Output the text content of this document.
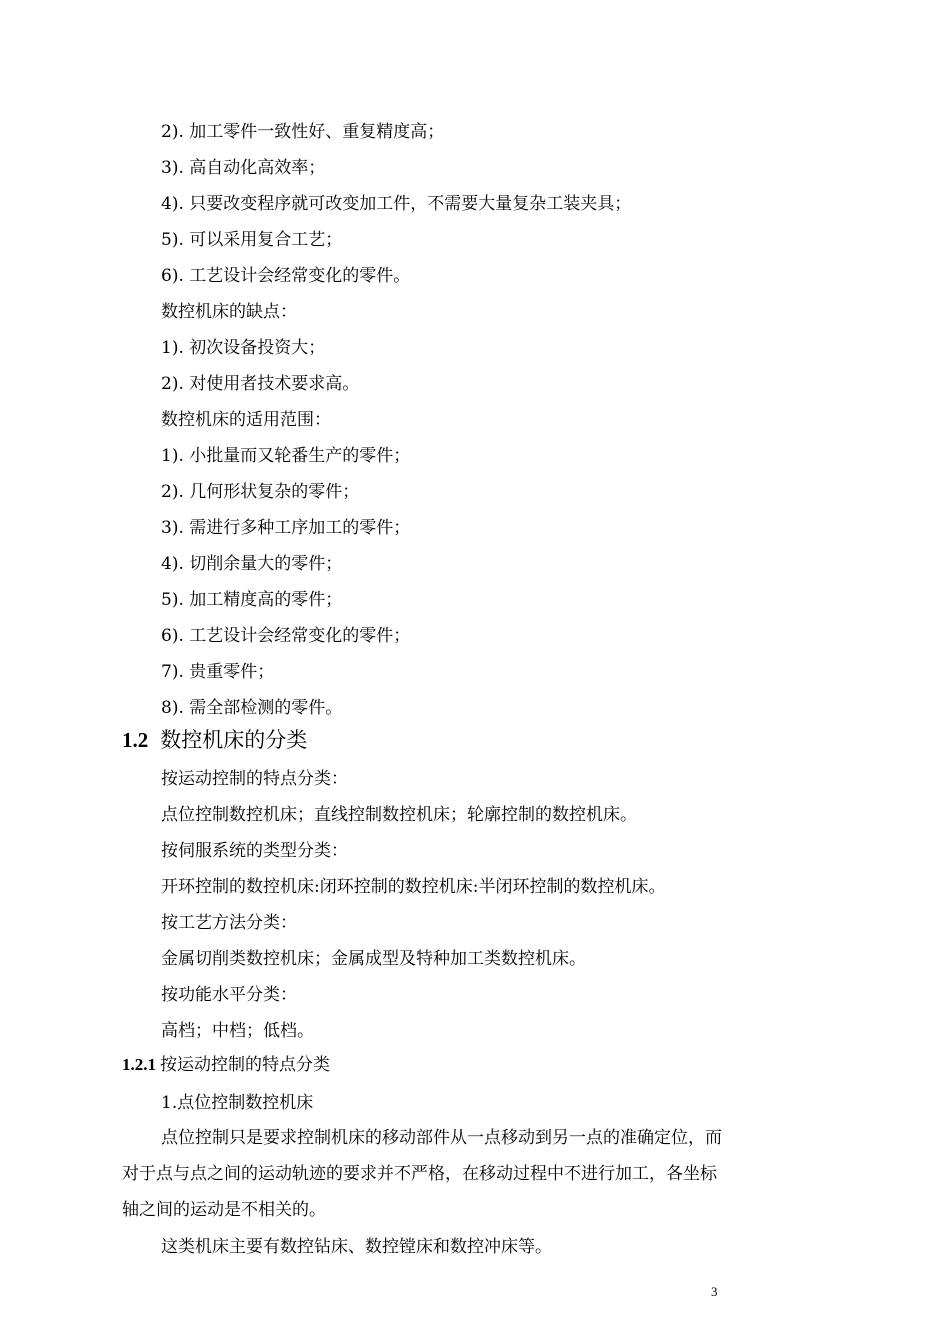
2). 加工零件一致性好、重复精度高；
3). 高自动化高效率；
4). 只要改变程序就可改变加工件，不需要大量复杂工装夹具；
5). 可以采用复合工艺；
6). 工艺设计会经常变化的零件。
数控机床的缺点：
1). 初次设备投资大；
2). 对使用者技术要求高。
数控机床的适用范围：
1). 小批量而又轮番生产的零件；
2). 几何形状复杂的零件；
3). 需进行多种工序加工的零件；
4). 切削余量大的零件；
5). 加工精度高的零件；
6). 工艺设计会经常变化的零件；
7). 贵重零件；
8). 需全部检测的零件。
1.2 数控机床的分类
按运动控制的特点分类：
点位控制数控机床；直线控制数控机床；轮廓控制的数控机床。
按伺服系统的类型分类：
开环控制的数控机床:闭环控制的数控机床:半闭环控制的数控机床。
按工艺方法分类：
金属切削类数控机床；金属成型及特种加工类数控机床。
按功能水平分类：
高档；中档；低档。
1.2.1 按运动控制的特点分类
1.点位控制数控机床
点位控制只是要求控制机床的移动部件从一点移动到另一点的准确定位，而对于点与点之间的运动轨迹的要求并不严格，在移动过程中不进行加工，各坐标轴之间的运动是不相关的。
这类机床主要有数控钻床、数控镗床和数控冲床等。
3
